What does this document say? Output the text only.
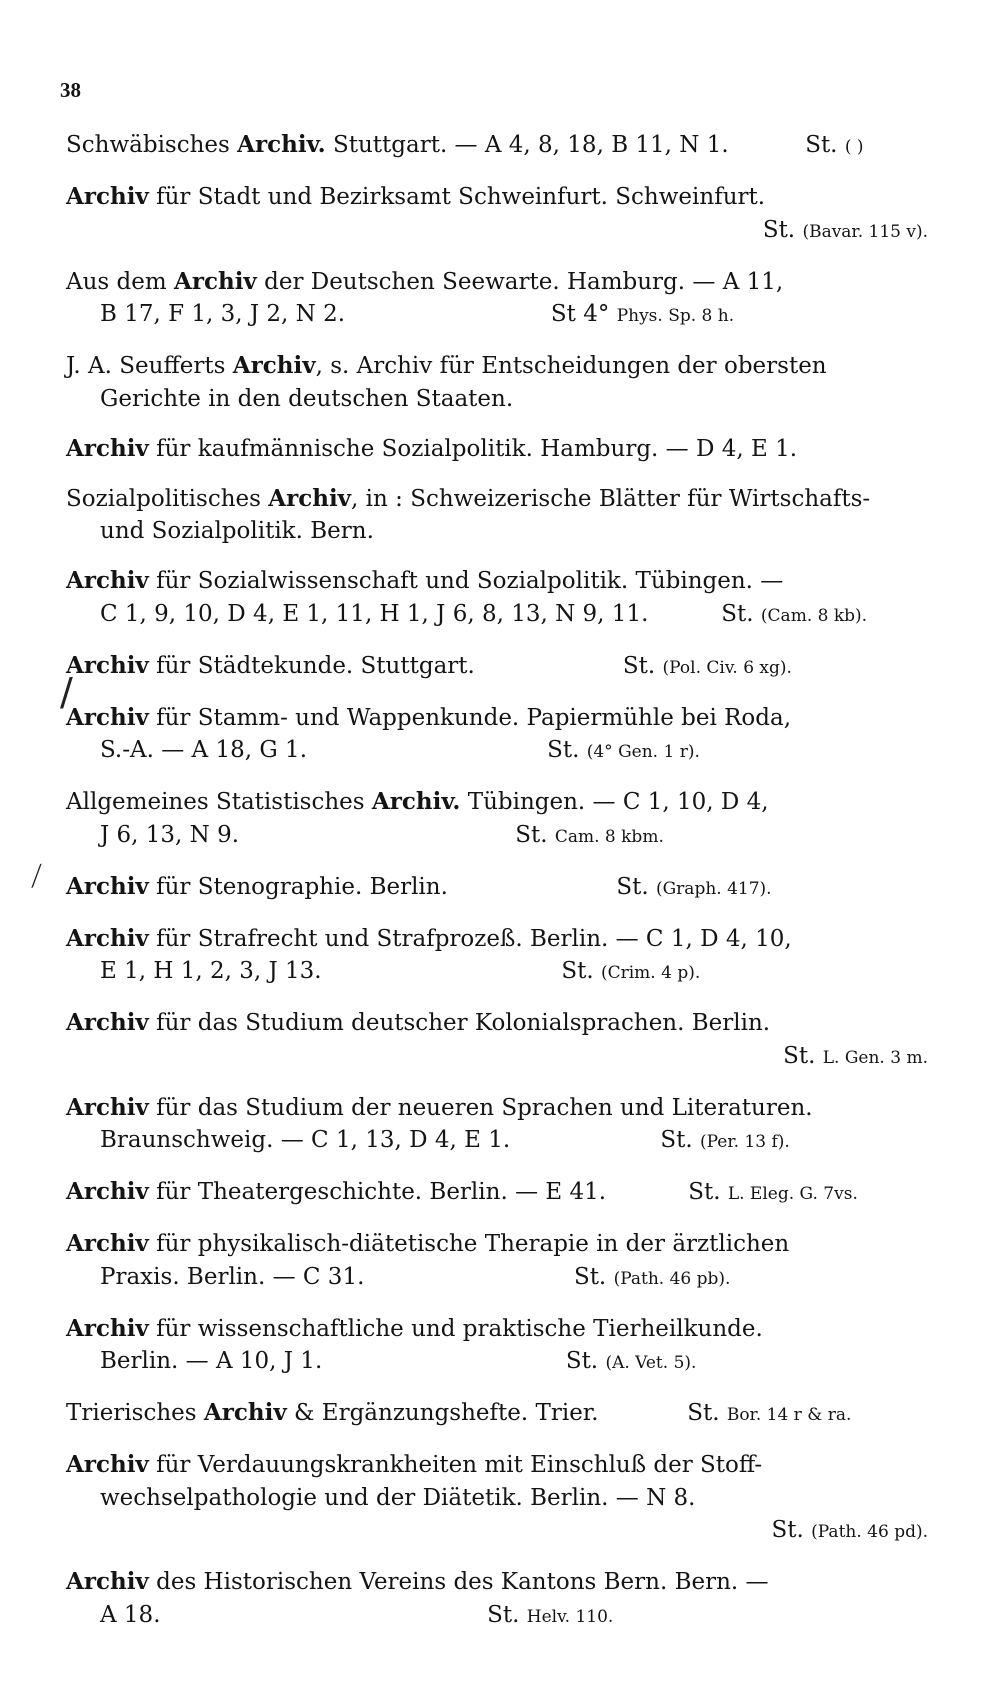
38
/
⟋
Schwäbisches Archiv. Stuttgart. — A 4, 8, 18, B 11, N 1.	St. ( )
Archiv für Stadt und Bezirksamt Schweinfurt. Schweinfurt.
St. (Bavar. 115 v).
Aus dem Archiv der Deutschen Seewarte. Hamburg. — A 11,
B 17, F 1, 3, J 2, N 2.	St 4° Phys. Sp. 8 h.
J. A. Seufferts Archiv, s. Archiv für Entscheidungen der obersten
Gerichte in den deutschen Staaten.
Archiv für kaufmännische Sozialpolitik. Hamburg. — D 4, E 1.
Sozialpolitisches Archiv, in : Schweizerische Blätter für Wirtschafts-
und Sozialpolitik. Bern.
Archiv für Sozialwissenschaft und Sozialpolitik. Tübingen. —
C 1, 9, 10, D 4, E 1, 11, H 1, J 6, 8, 13, N 9, 11.	St. (Cam. 8 kb).
Archiv für Städtekunde. Stuttgart.	St. (Pol. Civ. 6 xg).
Archiv für Stamm- und Wappenkunde. Papiermühle bei Roda,
S.-A. — A 18, G 1.	St. (4° Gen. 1 r).
Allgemeines Statistisches Archiv. Tübingen. — C 1, 10, D 4,
J 6, 13, N 9.	St. Cam. 8 kbm.
Archiv für Stenographie. Berlin.	St. (Graph. 417).
Archiv für Strafrecht und Strafprozeß. Berlin. — C 1, D 4, 10,
E 1, H 1, 2, 3, J 13.	St. (Crim. 4 p).
Archiv für das Studium deutscher Kolonialsprachen. Berlin.
St. L. Gen. 3 m.
Archiv für das Studium der neueren Sprachen und Literaturen.
Braunschweig. — C 1, 13, D 4, E 1.	St. (Per. 13 f).
Archiv für Theatergeschichte. Berlin. — E 41.	St. L. Eleg. G. 7vs.
Archiv für physikalisch-diätetische Therapie in der ärztlichen
Praxis. Berlin. — C 31.	St. (Path. 46 pb).
Archiv für wissenschaftliche und praktische Tierheilkunde.
Berlin. — A 10, J 1.	St. (A. Vet. 5).
Trierisches Archiv & Ergänzungshefte. Trier.	St. Bor. 14 r & ra.
Archiv für Verdauungskrankheiten mit Einschluß der Stoff-
wechselpathologie und der Diätetik. Berlin. — N 8.
St. (Path. 46 pd).
Archiv des Historischen Vereins des Kantons Bern. Bern. —
A 18.	St. Helv. 110.
